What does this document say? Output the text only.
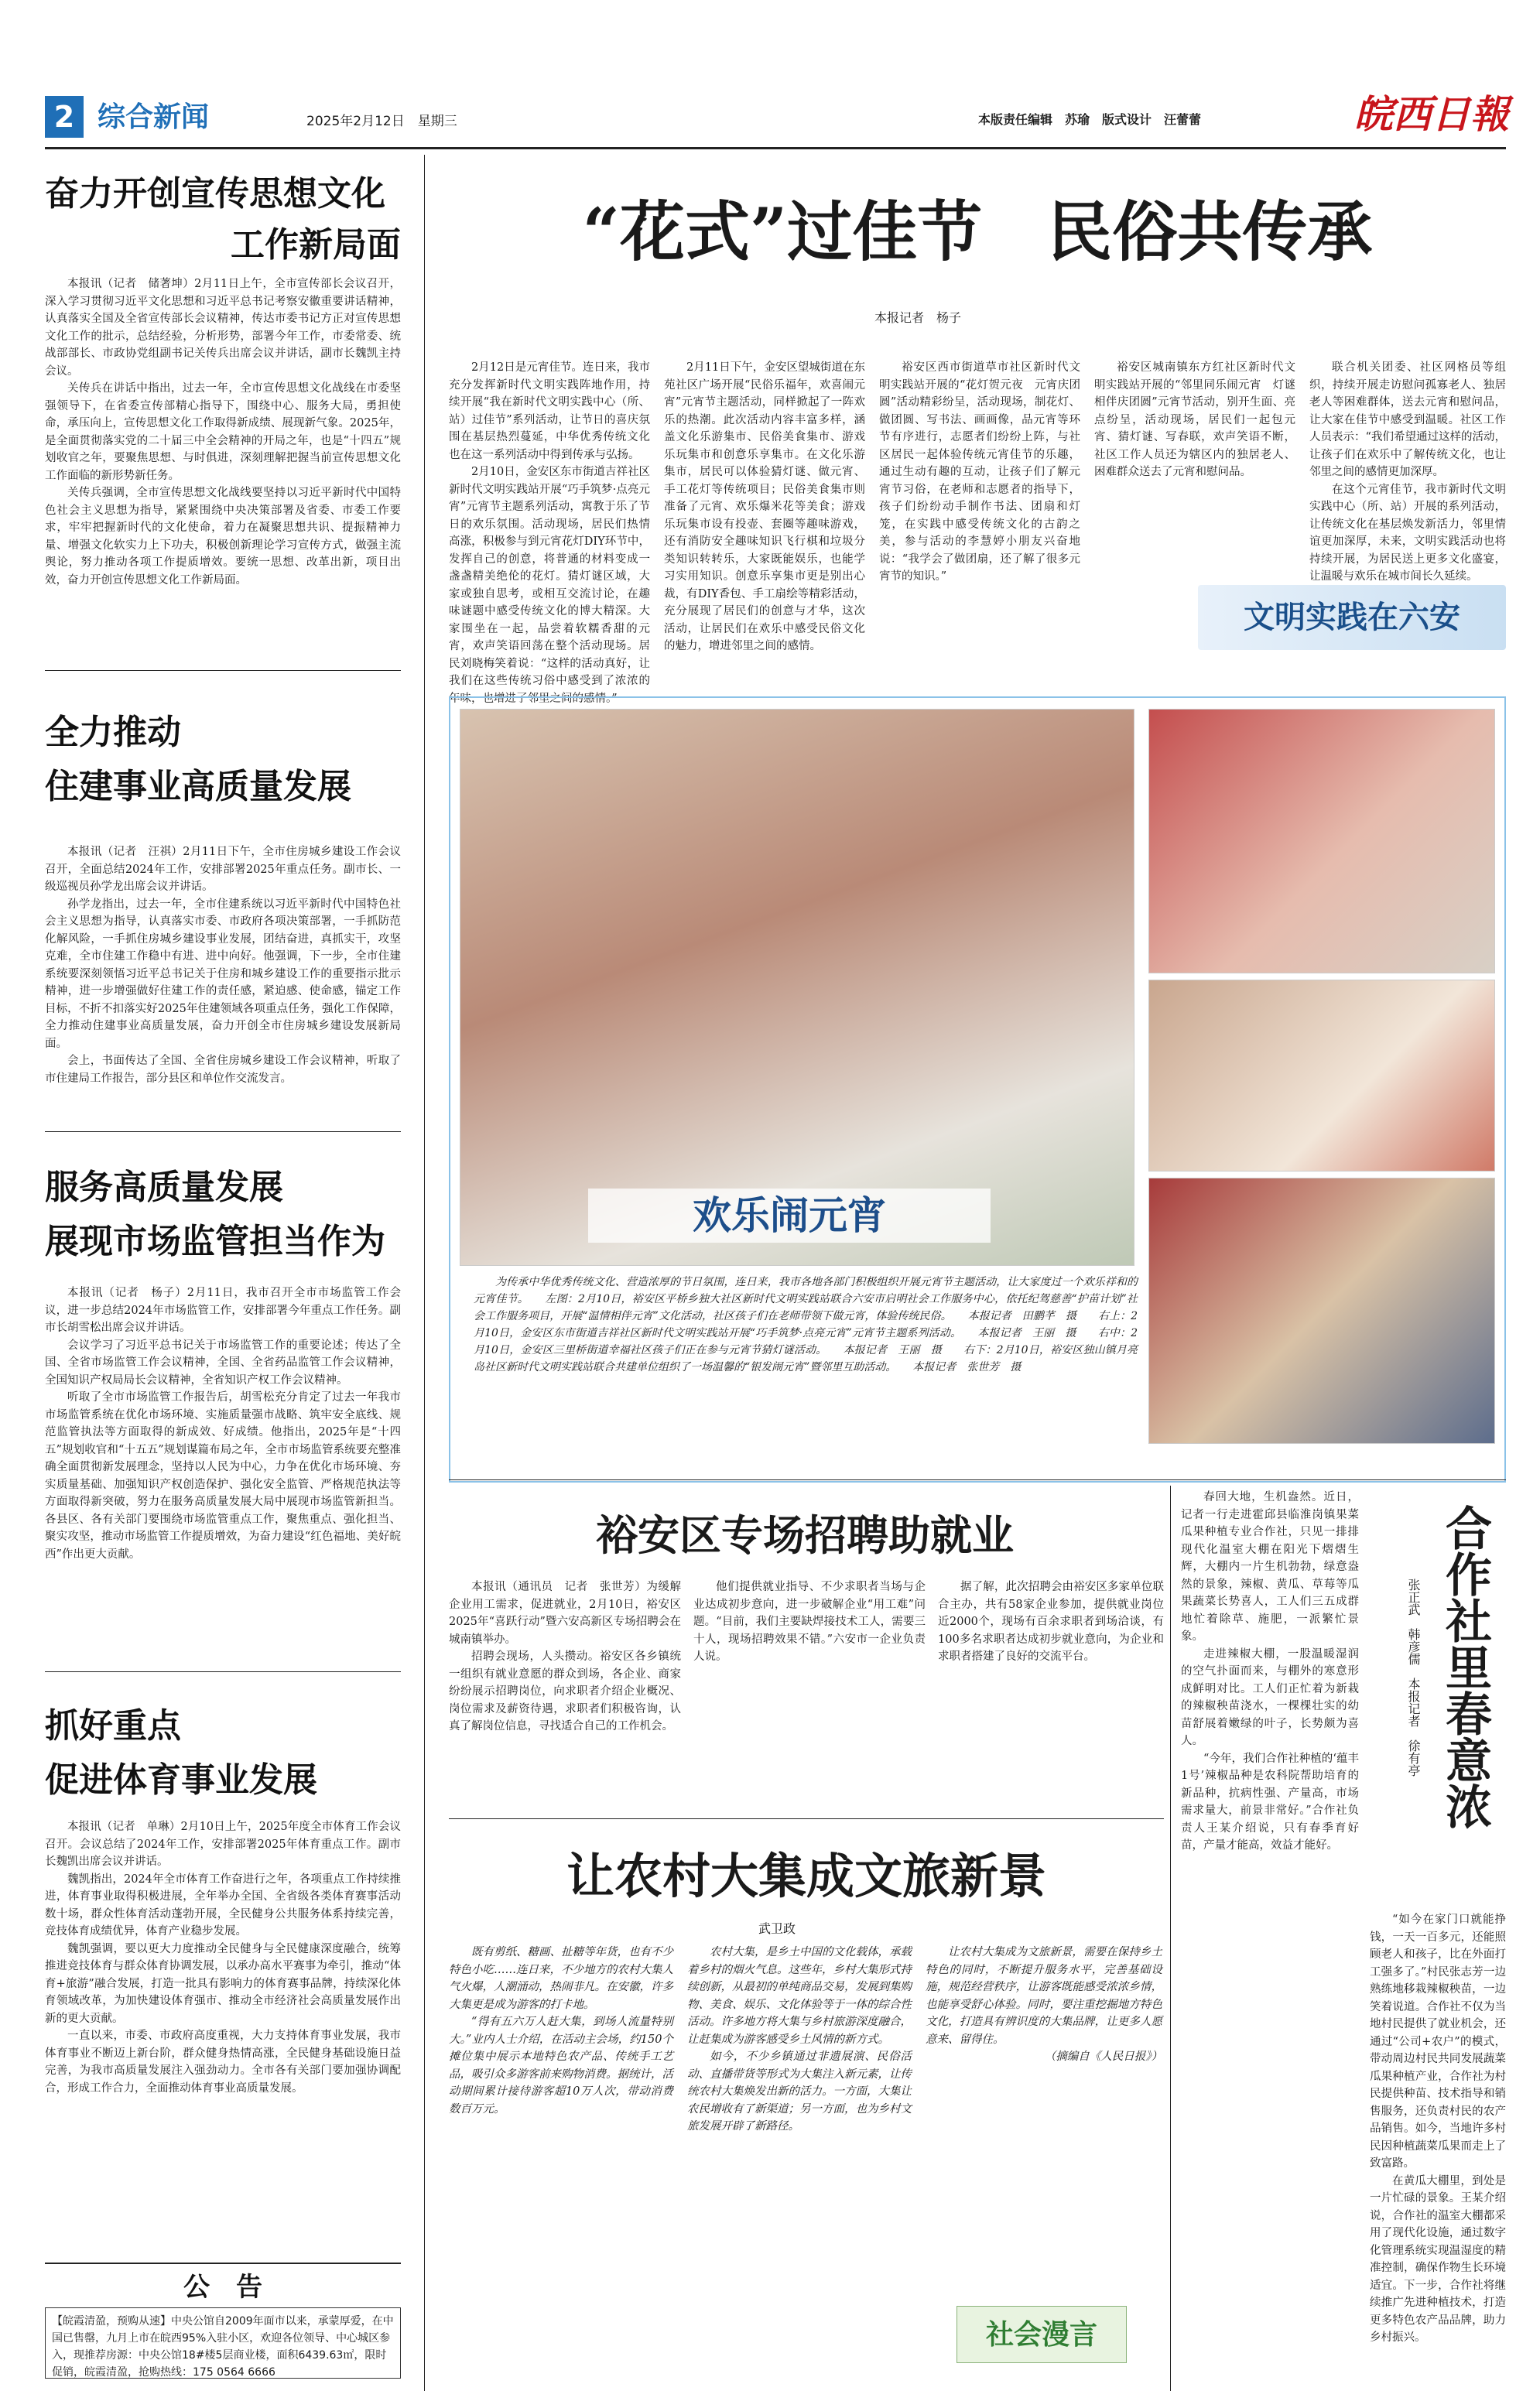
2 综合新闻	2025年2月12日　 星期三	本版责任编辑　苏瑜　版式设计　汪蕾蕾	皖西日報
奋力开创宣传思想文化
工作新局面

本报讯（记者　储著坤）2月11日上午，全市宣传部长会议召开，深入学习贯彻习近平文化思想和习近平总书记考察安徽重要讲话精神，认真落实全国及全省宣传部长会议精神，传达市委书记方正对宣传思想文化工作的批示，总结经验，分析形势，部署今年工作，市委常委、统战部部长、市政协党组副书记关传兵出席会议并讲话，副市长魏凯主持会议。

关传兵在讲话中指出，过去一年，全市宣传思想文化战线在市委坚强领导下，在省委宣传部精心指导下，围绕中心、服务大局，勇担使命，承压向上，宣传思想文化工作取得新成绩、展现新气象。2025年，是全面贯彻落实党的二十届三中全会精神的开局之年，也是“十四五”规划收官之年，要聚焦思想、与时俱进，深刻理解把握当前宣传思想文化工作面临的新形势新任务。

关传兵强调，全市宣传思想文化战线要坚持以习近平新时代中国特色社会主义思想为指导，紧紧围绕中央决策部署及省委、市委工作要求，牢牢把握新时代的文化使命，着力在凝聚思想共识、提振精神力量、增强文化软实力上下功夫，积极创新理论学习宣传方式，做强主流舆论，努力推动各项工作提质增效。要统一思想、改革出新，项目出效，奋力开创宣传思想文化工作新局面。

全力推动
住建事业高质量发展

本报讯（记者　汪祺）2月11日下午，全市住房城乡建设工作会议召开，全面总结2024年工作，安排部署2025年重点任务。副市长、一级巡视员孙学龙出席会议并讲话。

孙学龙指出，过去一年，全市住建系统以习近平新时代中国特色社会主义思想为指导，认真落实市委、市政府各项决策部署，一手抓防范化解风险，一手抓住房城乡建设事业发展，团结奋进，真抓实干，攻坚克难，全市住建工作稳中有进、进中向好。他强调，下一步，全市住建系统要深刻领悟习近平总书记关于住房和城乡建设工作的重要指示批示精神，进一步增强做好住建工作的责任感，紧迫感、使命感，锚定工作目标，不折不扣落实好2025年住建领域各项重点任务，强化工作保障，全力推动住建事业高质量发展，奋力开创全市住房城乡建设发展新局面。

会上，书面传达了全国、全省住房城乡建设工作会议精神，听取了市住建局工作报告，部分县区和单位作交流发言。

服务高质量发展
展现市场监管担当作为

本报讯（记者　杨子）2月11日，我市召开全市市场监管工作会议，进一步总结2024年市场监管工作，安排部署今年重点工作任务。副市长胡雪松出席会议并讲话。

会议学习了习近平总书记关于市场监管工作的重要论述；传达了全国、全省市场监管工作会议精神，全国、全省药品监管工作会议精神，全国知识产权局局长会议精神，全省知识产权工作会议精神。

听取了全市市场监管工作报告后，胡雪松充分肯定了过去一年我市市场监管系统在优化市场环境、实施质量强市战略、筑牢安全底线、规范监管执法等方面取得的新成效、好成绩。他指出，2025年是“十四五”规划收官和“十五五”规划谋篇布局之年，全市市场监管系统要充整准确全面贯彻新发展理念，坚持以人民为中心，力争在优化市场环境、夯实质量基础、加强知识产权创造保护、强化安全监管、严格规范执法等方面取得新突破，努力在服务高质量发展大局中展现市场监管新担当。各县区、各有关部门要围绕市场监管重点工作，聚焦重点、强化担当、聚实攻坚，推动市场监管工作提质增效，为奋力建设“红色福地、美好皖西”作出更大贡献。

抓好重点
促进体育事业发展

本报讯（记者　单琳）2月10日上午，2025年度全市体育工作会议召开。会议总结了2024年工作，安排部署2025年体育重点工作。副市长魏凯出席会议并讲话。

魏凯指出，2024年全市体育工作奋进行之年，各项重点工作持续推进，体育事业取得积极进展，全年举办全国、全省级各类体育赛事活动数十场，群众性体育活动蓬勃开展，全民健身公共服务体系持续完善，竞技体育成绩优异，体育产业稳步发展。

魏凯强调，要以更大力度推动全民健身与全民健康深度融合，统筹推进竞技体育与群众体育协调发展，以承办高水平赛事为牵引，推动“体育+旅游”融合发展，打造一批具有影响力的体育赛事品牌，持续深化体育领域改革，为加快建设体育强市、推动全市经济社会高质量发展作出新的更大贡献。

一直以来，市委、市政府高度重视，大力支持体育事业发展，我市体育事业不断迈上新台阶，群众健身热情高涨，全民健身基础设施日益完善，为我市高质量发展注入强劲动力。全市各有关部门要加强协调配合，形成工作合力，全面推动体育事业高质量发展。

公　告
【皖霞清盈，预购从速】中央公馆自2009年面市以来，承蒙厚爱，在中国已售罄，九月上市在皖西95%入驻小区，欢迎各位领导、中心城区参入，现推荐房源：中央公馆18#楼5层商业楼，面积6439.63㎡，限时促销，皖霞清盈，抢购热线：175 0564 6666
“花式”过佳节　民俗共传承
本报记者　杨子

2月12日是元宵佳节。连日来，我市充分发挥新时代文明实践阵地作用，持续开展“我在新时代文明实践中心（所、站）过佳节”系列活动，让节日的喜庆氛围在基层热烈蔓延，中华优秀传统文化也在这一系列活动中得到传承与弘扬。

2月10日，金安区东市街道吉祥社区新时代文明实践站开展“巧手筑梦·点亮元宵”元宵节主题系列活动，寓教于乐了节日的欢乐氛围。活动现场，居民们热情高涨，积极参与到元宵花灯DIY环节中，发挥自己的创意，将普通的材料变成一盏盏精美绝伦的花灯。猜灯谜区域，大家或独自思考，或相互交流讨论，在趣味谜题中感受传统文化的博大精深。大家围坐在一起，品尝着软糯香甜的元宵，欢声笑语回荡在整个活动现场。居民刘晓梅笑着说：“这样的活动真好，让我们在这些传统习俗中感受到了浓浓的年味，也增进了邻里之间的感情。”

2月11日下午，金安区望城街道在东苑社区广场开展“民俗乐福年，欢喜闹元宵”元宵节主题活动，同样掀起了一阵欢乐的热潮。此次活动内容丰富多样，涵盖文化乐游集市、民俗美食集市、游戏乐玩集市和创意乐享集市。在文化乐游集市，居民可以体验猜灯谜、做元宵、手工花灯等传统项目；民俗美食集市则准备了元宵、欢乐爆米花等美食；游戏乐玩集市设有投壶、套圈等趣味游戏，还有消防安全趣味知识飞行棋和垃圾分类知识转转乐，大家既能娱乐，也能学习实用知识。创意乐享集市更是别出心裁，有DIY香包、手工扇绘等精彩活动，充分展现了居民们的创意与才华，这次活动，让居民们在欢乐中感受民俗文化的魅力，增进邻里之间的感情。

裕安区西市街道草市社区新时代文明实践站开展的“花灯贺元夜　元宵庆团圆”活动精彩纷呈，活动现场，制花灯、做团圆、写书法、画画像，品元宵等环节有序进行，志愿者们纷纷上阵，与社区居民一起体验传统元宵佳节的乐趣，通过生动有趣的互动，让孩子们了解元宵节习俗，在老师和志愿者的指导下，孩子们纷纷动手制作书法、团扇和灯笼，在实践中感受传统文化的古韵之美，参与活动的李慧婷小朋友兴奋地说：“我学会了做团扇，还了解了很多元宵节的知识。”

裕安区城南镇东方红社区新时代文明实践站开展的“邻里同乐闹元宵　灯谜相伴庆团圆”元宵节活动，别开生面、亮点纷呈，活动现场，居民们一起包元宵、猜灯谜、写春联，欢声笑语不断，社区工作人员还为辖区内的独居老人、困难群众送去了元宵和慰问品。

联合机关团委、社区网格员等组织，持续开展走访慰问孤寡老人、独居老人等困难群体，送去元宵和慰问品，让大家在佳节中感受到温暖。社区工作人员表示：“我们希望通过这样的活动，让孩子们在欢乐中了解传统文化，也让邻里之间的感情更加深厚。

在这个元宵佳节，我市新时代文明实践中心（所、站）开展的系列活动，让传统文化在基层焕发新活力，邻里情谊更加深厚，未来，文明实践活动也将持续开展，为居民送上更多文化盛宴，让温暖与欢乐在城市间长久延续。

文明实践在六安
欢乐闹元宵
为传承中华优秀传统文化、营造浓厚的节日氛围，连日来，我市各地各部门积极组织开展元宵节主题活动，让大家度过一个欢乐祥和的元宵佳节。　　左图：2月10日，裕安区平桥乡独大社区新时代文明实践站联合六安市启明社会工作服务中心，依托纪驾慈善“护苗计划”社会工作服务项目，开展“温情相伴元宵”文化活动，社区孩子们在老师带领下做元宵，体验传统民俗。　　本报记者　田鹏芊　摄　　右上：2月10日，金安区东市街道吉祥社区新时代文明实践站开展“巧手筑梦·点亮元宵”元宵节主题系列活动。　　本报记者　王丽　摄　　右中：2月10日，金安区三里桥街道幸福社区孩子们正在参与元宵节猜灯谜活动。　　本报记者　王丽　摄　　右下：2月10日，裕安区独山镇月亮岛社区新时代文明实践站联合共建单位组织了一场温馨的“银发闹元宵”暨邻里互助活动。　　本报记者　张世芳　摄
裕安区专场招聘助就业

本报讯（通讯员　记者　张世芳）为缓解企业用工需求，促进就业，2月10日，裕安区2025年“喜跃行动”暨六安高新区专场招聘会在城南镇举办。

招聘会现场，人头攒动。裕安区各乡镇统一组织有就业意愿的群众到场，各企业、商家纷纷展示招聘岗位，向求职者介绍企业概况、岗位需求及薪资待遇，求职者们积极咨询，认真了解岗位信息，寻找适合自己的工作机会。

他们提供就业指导、不少求职者当场与企业达成初步意向，进一步破解企业“用工难”问题。“目前，我们主要缺焊接技术工人，需要三十人，现场招聘效果不错。”六安市一企业负责人说。

据了解，此次招聘会由裕安区多家单位联合主办，共有58家企业参加，提供就业岗位近2000个，现场有百余求职者到场洽谈，有100多名求职者达成初步就业意向，为企业和求职者搭建了良好的交流平台。

让农村大集成文旅新景
武卫政

既有剪纸、糖画、扯糖等年货，也有不少特色小吃……连日来，不少地方的农村大集人气火爆，人潮涌动，热闹非凡。在安徽，许多大集更是成为游客的打卡地。

“得有五六万人赶大集，到场人流量特别大。”业内人士介绍，在活动主会场，约150个摊位集中展示本地特色农产品、传统手工艺品，吸引众多游客前来购物消费。据统计，活动期间累计接待游客超10万人次，带动消费数百万元。

农村大集，是乡土中国的文化载体，承载着乡村的烟火气息。这些年，乡村大集形式持续创新，从最初的单纯商品交易，发展到集购物、美食、娱乐、文化体验等于一体的综合性活动。许多地方将大集与乡村旅游深度融合，让赶集成为游客感受乡土风情的新方式。

如今，不少乡镇通过非遗展演、民俗活动、直播带货等形式为大集注入新元素，让传统农村大集焕发出新的活力。一方面，大集让农民增收有了新渠道；另一方面，也为乡村文旅发展开辟了新路径。

让农村大集成为文旅新景，需要在保持乡土特色的同时，不断提升服务水平，完善基础设施，规范经营秩序，让游客既能感受浓浓乡情，也能享受舒心体验。同时，要注重挖掘地方特色文化，打造具有辨识度的大集品牌，让更多人愿意来、留得住。

（摘编自《人民日报》）

社会漫言

春回大地，生机盎然。近日，记者一行走进霍邱县临淮岗镇果菜瓜果种植专业合作社，只见一排排现代化温室大棚在阳光下熠熠生辉，大棚内一片生机勃勃，绿意盎然的景象，辣椒、黄瓜、草莓等瓜果蔬菜长势喜人，工人们三五成群地忙着除草、施肥，一派繁忙景象。

走进辣椒大棚，一股温暖湿润的空气扑面而来，与棚外的寒意形成鲜明对比。工人们正忙着为新栽的辣椒秧苗浇水，一棵棵壮实的幼苗舒展着嫩绿的叶子，长势颇为喜人。

“今年，我们合作社种植的‘蕴丰1号’辣椒品种是农科院帮助培育的新品种，抗病性强、产量高，市场需求量大，前景非常好。”合作社负责人王某介绍说，只有春季育好苗，产量才能高，效益才能好。

合作社里春意浓
张正武　韩彦儒　本报记者　徐有亭

“如今在家门口就能挣钱，一天一百多元，还能照顾老人和孩子，比在外面打工强多了。”村民张志芳一边熟练地移栽辣椒秧苗，一边笑着说道。合作社不仅为当地村民提供了就业机会，还通过“公司+农户”的模式，带动周边村民共同发展蔬菜瓜果种植产业，合作社为村民提供种苗、技术指导和销售服务，还负责村民的农产品销售。如今，当地许多村民因种植蔬菜瓜果而走上了致富路。

在黄瓜大棚里，到处是一片忙碌的景象。王某介绍说，合作社的温室大棚都采用了现代化设施，通过数字化管理系统实现温湿度的精准控制，确保作物生长环境适宜。下一步，合作社将继续推广先进种植技术，打造更多特色农产品品牌，助力乡村振兴。
